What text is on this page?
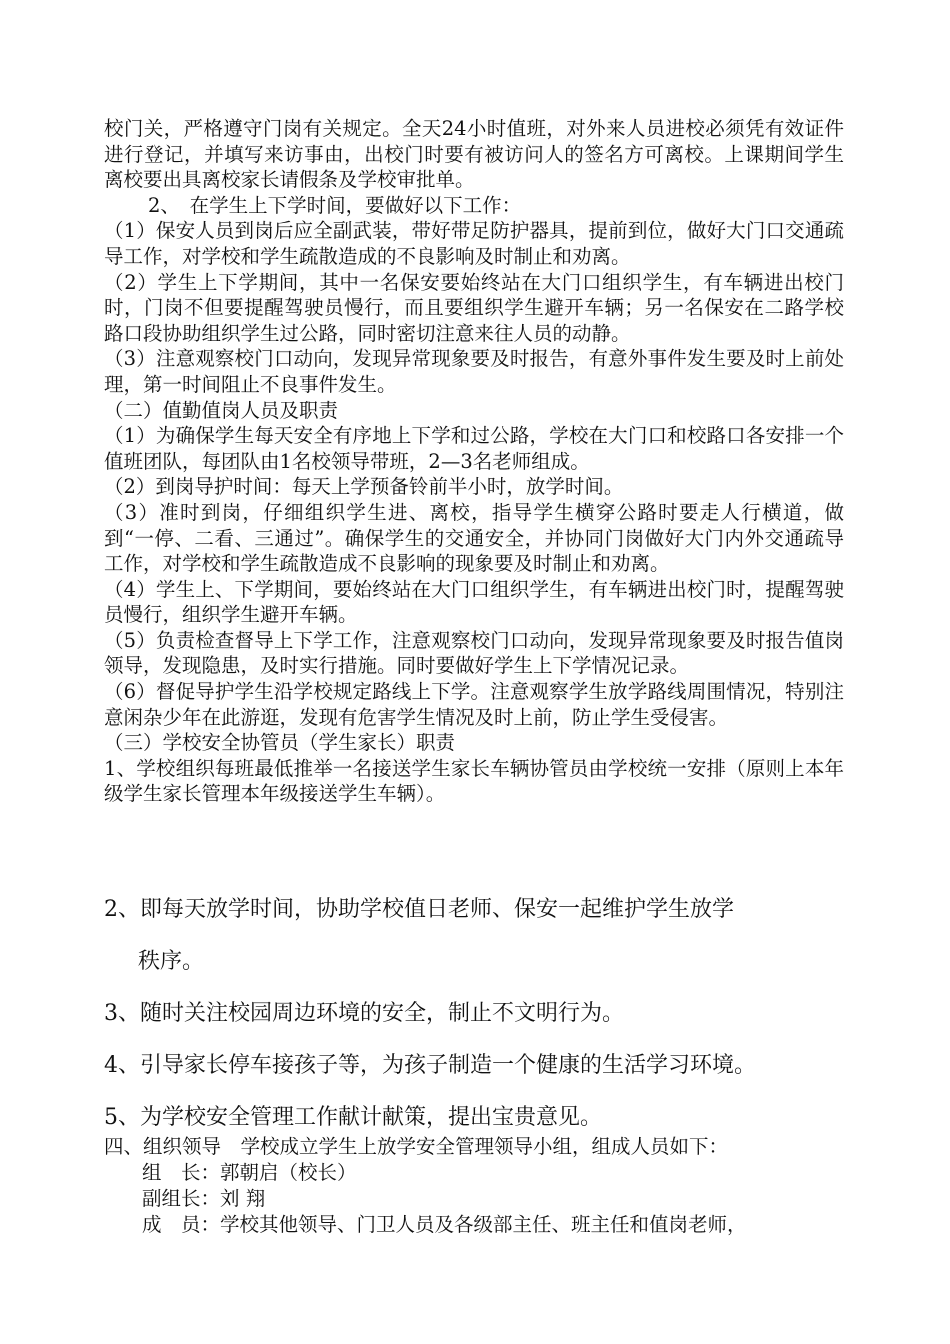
校门关，严格遵守门岗有关规定。全天24小时值班，对外来人员进校必须凭有效证件进行登记，并填写来访事由，出校门时要有被访问人的签名方可离校。上课期间学生离校要出具离校家长请假条及学校审批单。

2、　在学生上下学时间，要做好以下工作：

（1）保安人员到岗后应全副武装，带好带足防护器具，提前到位，做好大门口交通疏导工作，对学校和学生疏散造成的不良影响及时制止和劝离。

（2）学生上下学期间，其中一名保安要始终站在大门口组织学生，有车辆进出校门时，门岗不但要提醒驾驶员慢行，而且要组织学生避开车辆；另一名保安在二路学校路口段协助组织学生过公路，同时密切注意来往人员的动静。

（3）注意观察校门口动向，发现异常现象要及时报告，有意外事件发生要及时上前处理，第一时间阻止不良事件发生。

（二）值勤值岗人员及职责

（1）为确保学生每天安全有序地上下学和过公路，学校在大门口和校路口各安排一个值班团队，每团队由1名校领导带班，2—3名老师组成。

（2）到岗导护时间：每天上学预备铃前半小时，放学时间。

（3）准时到岗，仔细组织学生进、离校，指导学生横穿公路时要走人行横道，做到“一停、二看、三通过”。确保学生的交通安全，并协同门岗做好大门内外交通疏导工作，对学校和学生疏散造成不良影响的现象要及时制止和劝离。

（4）学生上、下学期间，要始终站在大门口组织学生，有车辆进出校门时，提醒驾驶员慢行，组织学生避开车辆。

（5）负责检查督导上下学工作，注意观察校门口动向，发现异常现象要及时报告值岗领导，发现隐患，及时实行措施。同时要做好学生上下学情况记录。

（6）督促导护学生沿学校规定路线上下学。注意观察学生放学路线周围情况，特别注意闲杂少年在此游逛，发现有危害学生情况及时上前，防止学生受侵害。

（三）学校安全协管员（学生家长）职责

1、学校组织每班最低推举一名接送学生家长车辆协管员由学校统一安排（原则上本年级学生家长管理本年级接送学生车辆）。

2、即每天放学时间，协助学校值日老师、保安一起维护学生放学

秩序。

3、随时关注校园周边环境的安全，制止不文明行为。

4、引导家长停车接孩子等，为孩子制造一个健康的生活学习环境。

5、为学校安全管理工作献计献策，提出宝贵意见。

四、组织领导　学校成立学生上放学安全管理领导小组，组成人员如下：

组　长：郭朝启（校长）

副组长：刘 翔

成　员：学校其他领导、门卫人员及各级部主任、班主任和值岗老师，
